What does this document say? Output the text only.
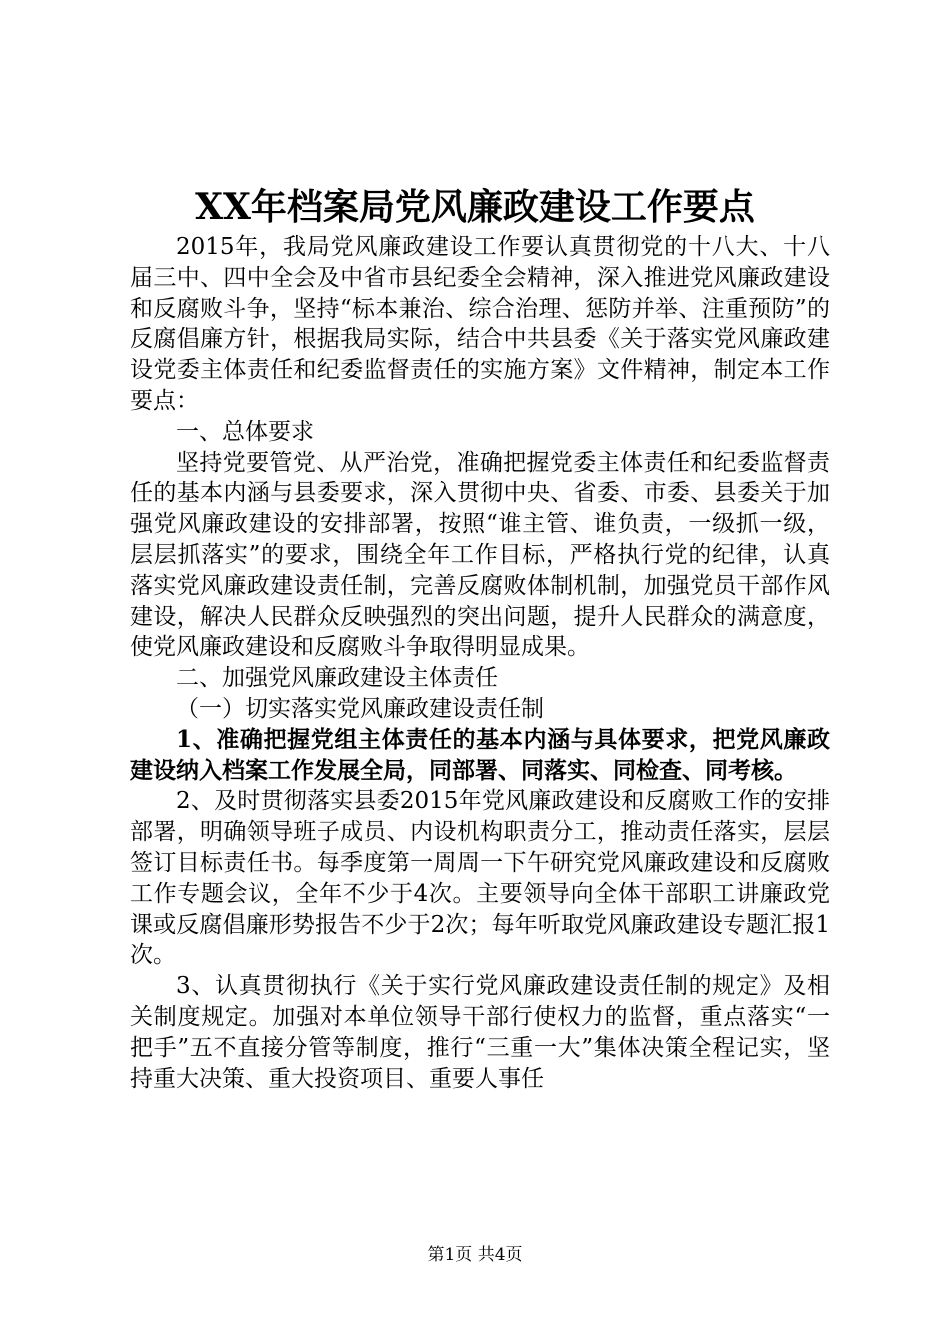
XX年档案局党风廉政建设工作要点

2015年，我局党风廉政建设工作要认真贯彻党的十八大、十八届三中、四中全会及中省市县纪委全会精神，深入推进党风廉政建设和反腐败斗争，坚持“标本兼治、综合治理、惩防并举、注重预防”的反腐倡廉方针，根据我局实际，结合中共县委《关于落实党风廉政建设党委主体责任和纪委监督责任的实施方案》文件精神，制定本工作要点：

一、总体要求

坚持党要管党、从严治党，准确把握党委主体责任和纪委监督责任的基本内涵与县委要求，深入贯彻中央、省委、市委、县委关于加强党风廉政建设的安排部署，按照“谁主管、谁负责，一级抓一级，层层抓落实”的要求，围绕全年工作目标，严格执行党的纪律，认真落实党风廉政建设责任制，完善反腐败体制机制，加强党员干部作风建设，解决人民群众反映强烈的突出问题，提升人民群众的满意度，使党风廉政建设和反腐败斗争取得明显成果。

二、加强党风廉政建设主体责任

（一）切实落实党风廉政建设责任制

1、准确把握党组主体责任的基本内涵与具体要求，把党风廉政建设纳入档案工作发展全局，同部署、同落实、同检查、同考核。

2、及时贯彻落实县委2015年党风廉政建设和反腐败工作的安排部署，明确领导班子成员、内设机构职责分工，推动责任落实，层层签订目标责任书。每季度第一周周一下午研究党风廉政建设和反腐败工作专题会议，全年不少于4次。主要领导向全体干部职工讲廉政党课或反腐倡廉形势报告不少于2次；每年听取党风廉政建设专题汇报1次。

3、认真贯彻执行《关于实行党风廉政建设责任制的规定》及相关制度规定。加强对本单位领导干部行使权力的监督，重点落实“一把手”五不直接分管等制度，推行“三重一大”集体决策全程记实，坚持重大决策、重大投资项目、重要人事任

第1页 共4页
